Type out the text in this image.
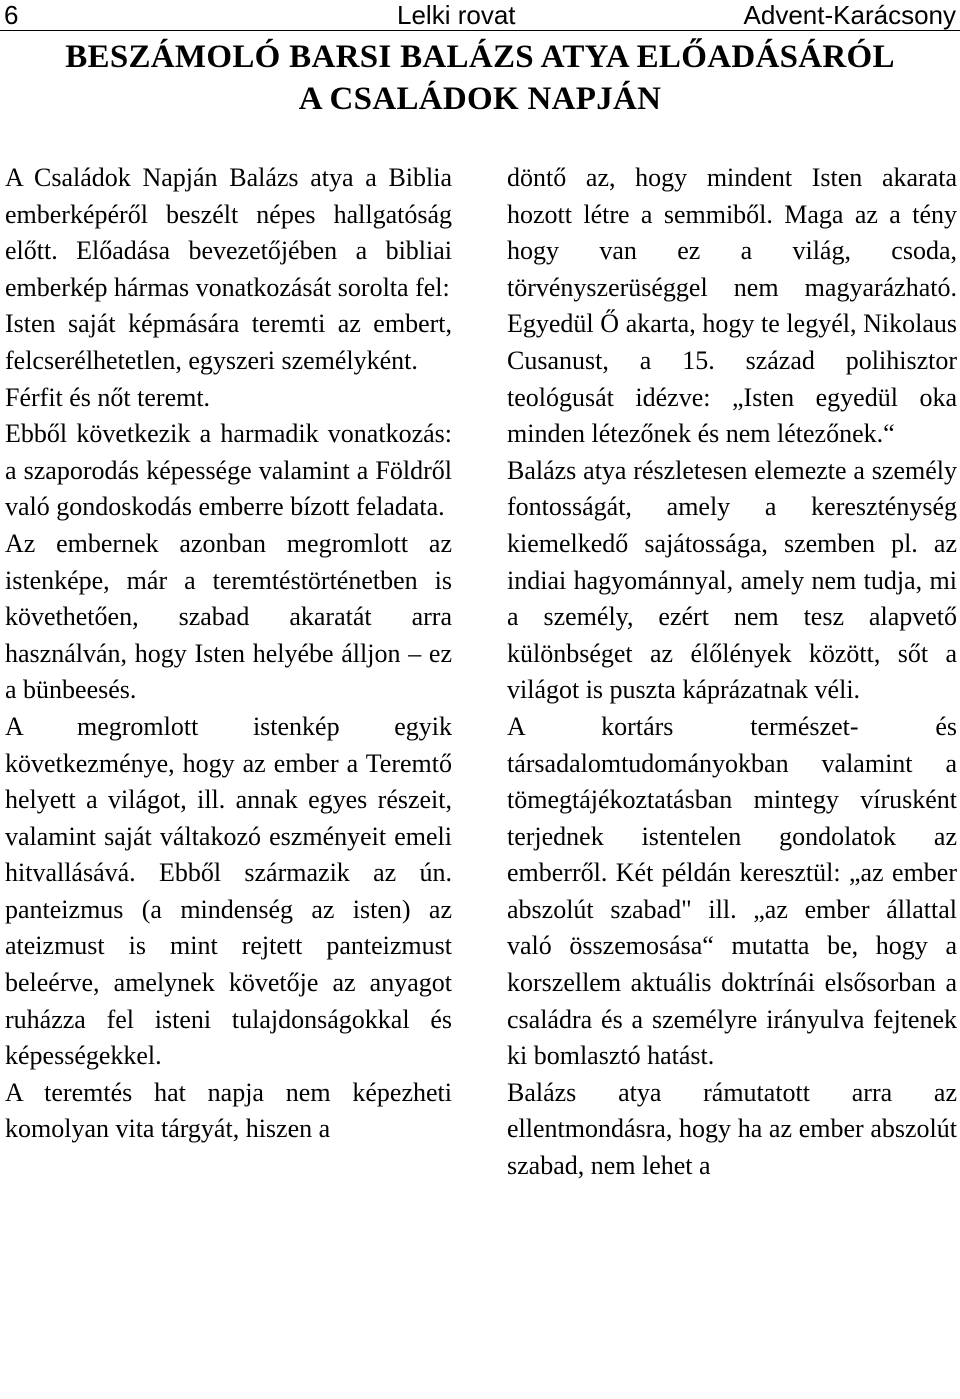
6	Lelki rovat	Advent-Karácsony
BESZÁMOLÓ BARSI BALÁZS ATYA ELŐADÁSÁRÓL
A CSALÁDOK NAPJÁN

A Családok Napján Balázs atya a Biblia emberképéről beszélt népes hallgatóság előtt. Előadása bevezetőjében a bibliai emberkép hármas vonatkozását sorolta fel:

Isten saját képmására teremti az embert, felcserélhetetlen, egyszeri személyként.

Férfit és nőt teremt.

Ebből következik a harmadik vonatkozás: a szaporodás képessége valamint a Földről való gondoskodás emberre bízott feladata.

Az embernek azonban megromlott az istenképe, már a teremtéstörténetben is követhetően, szabad akaratát arra használván, hogy Isten helyébe álljon – ez a bünbeesés.

A megromlott istenkép egyik következménye, hogy az ember a Teremtő helyett a világot, ill. annak egyes részeit, valamint saját váltakozó eszményeit emeli hitvallásává. Ebből származik az ún. panteizmus (a mindenség az isten) az ateizmust is mint rejtett panteizmust beleérve, amelynek követője az anyagot ruházza fel isteni tulajdonságokkal és képességekkel.

A teremtés hat napja nem képezheti komolyan vita tárgyát, hiszen a

döntő az, hogy mindent Isten akarata hozott létre a semmiből. Maga az a tény hogy van ez a világ, csoda, törvényszerüséggel nem magyarázható. Egyedül Ő akarta, hogy te legyél, Nikolaus Cusanust, a 15. század polihisztor teológusát idézve: „Isten egyedül oka minden létezőnek és nem létezőnek.“

Balázs atya részletesen elemezte a személy fontosságát, amely a kereszténység kiemelkedő sajátossága, szemben pl. az indiai hagyománnyal, amely nem tudja, mi a személy, ezért nem tesz alapvető különbséget az élőlények között, sőt a világot is puszta káprázatnak véli.

A kortárs természet- és társadalomtudományokban valamint a tömegtájékoztatásban mintegy vírusként terjednek istentelen gondolatok az emberről. Két példán keresztül: „az ember abszolút szabad" ill. „az ember állattal való összemosása“ mutatta be, hogy a korszellem aktuális doktrínái elsősorban a családra és a személyre irányulva fejtenek ki bomlasztó hatást.

Balázs atya rámutatott arra az ellentmondásra, hogy ha az ember abszolút szabad, nem lehet a
